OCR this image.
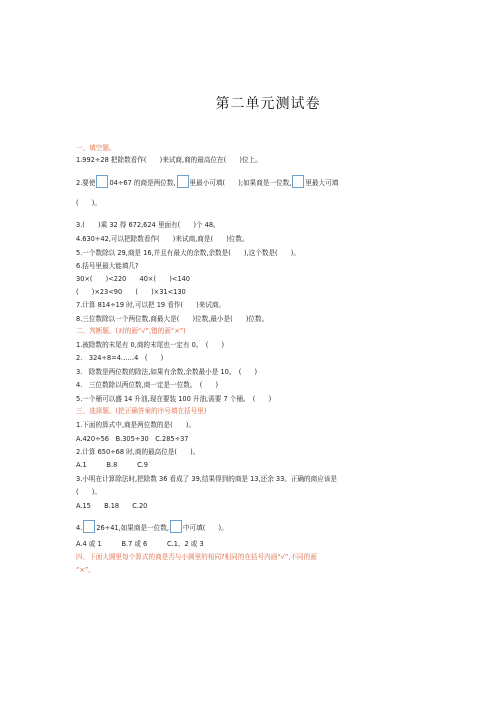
第二单元测试卷
一、填空题。
1.992÷28 把除数看作(　　)来试商,商的最高位在(　　)位上。
2.要使 04÷67 的商是两位数, 里最小可填(　　);如果商是一位数, 里最大可填
(　　)。
3.(　　)乘 32 得 672,624 里面有(　　)个 48。
4.630÷42,可以把除数看作(　　)来试商,商是(　　)位数。
5.一个数除以 29,商是 16,并且有最大的余数,余数是(　　),这个数是(　　)。
6.括号里最大能填几?
30×(　　)<220　　40×(　　)<140
(　　)×23<90　　(　　)×31<130
7.计算 814÷19 时,可以把 19 看作(　　)来试商。
8.三位数除以一个两位数,商最大是(　　)位数,最小是(　　)位数。
二、判断题。(对的画“√”,错的画“×”)
1.被除数的末尾有 0,商的末尾也一定有 0。　(　　)
2.　324÷8=4……4　(　　)
3.　除数是两位数的除法,如果有余数,余数最小是 10。　(　　)
4.　三位数除以两位数,商一定是一位数。　(　　)
5.一个桶可以盛 14 升油,现在要装 100 升油,需要 7 个桶。　(　　)
三、选择题。(把正确答案的序号填在括号里)
1.下面的算式中,商是两位数的是(　　)。
A.420÷56　B.305÷30　C.285÷37
2.计算 650÷68 时,商的最高位是(　　)。
A.1　　　B.8　　　C.9
3.小明在计算除法时,把除数 36 看成了 39,结果得到的商是 13,还余 33。正确的商应该是
(　　)。
A.15　　B.18　　C.20
4. 26÷41,如果商是一位数, 中可填(　　)。
A.4 或 1　　　B.7 或 6　　　C.1、2 或 3
四、下面大圆里每个算式的商是否与小圆里的相同?相同的在括号内画“√”,不同的画
“×”。
